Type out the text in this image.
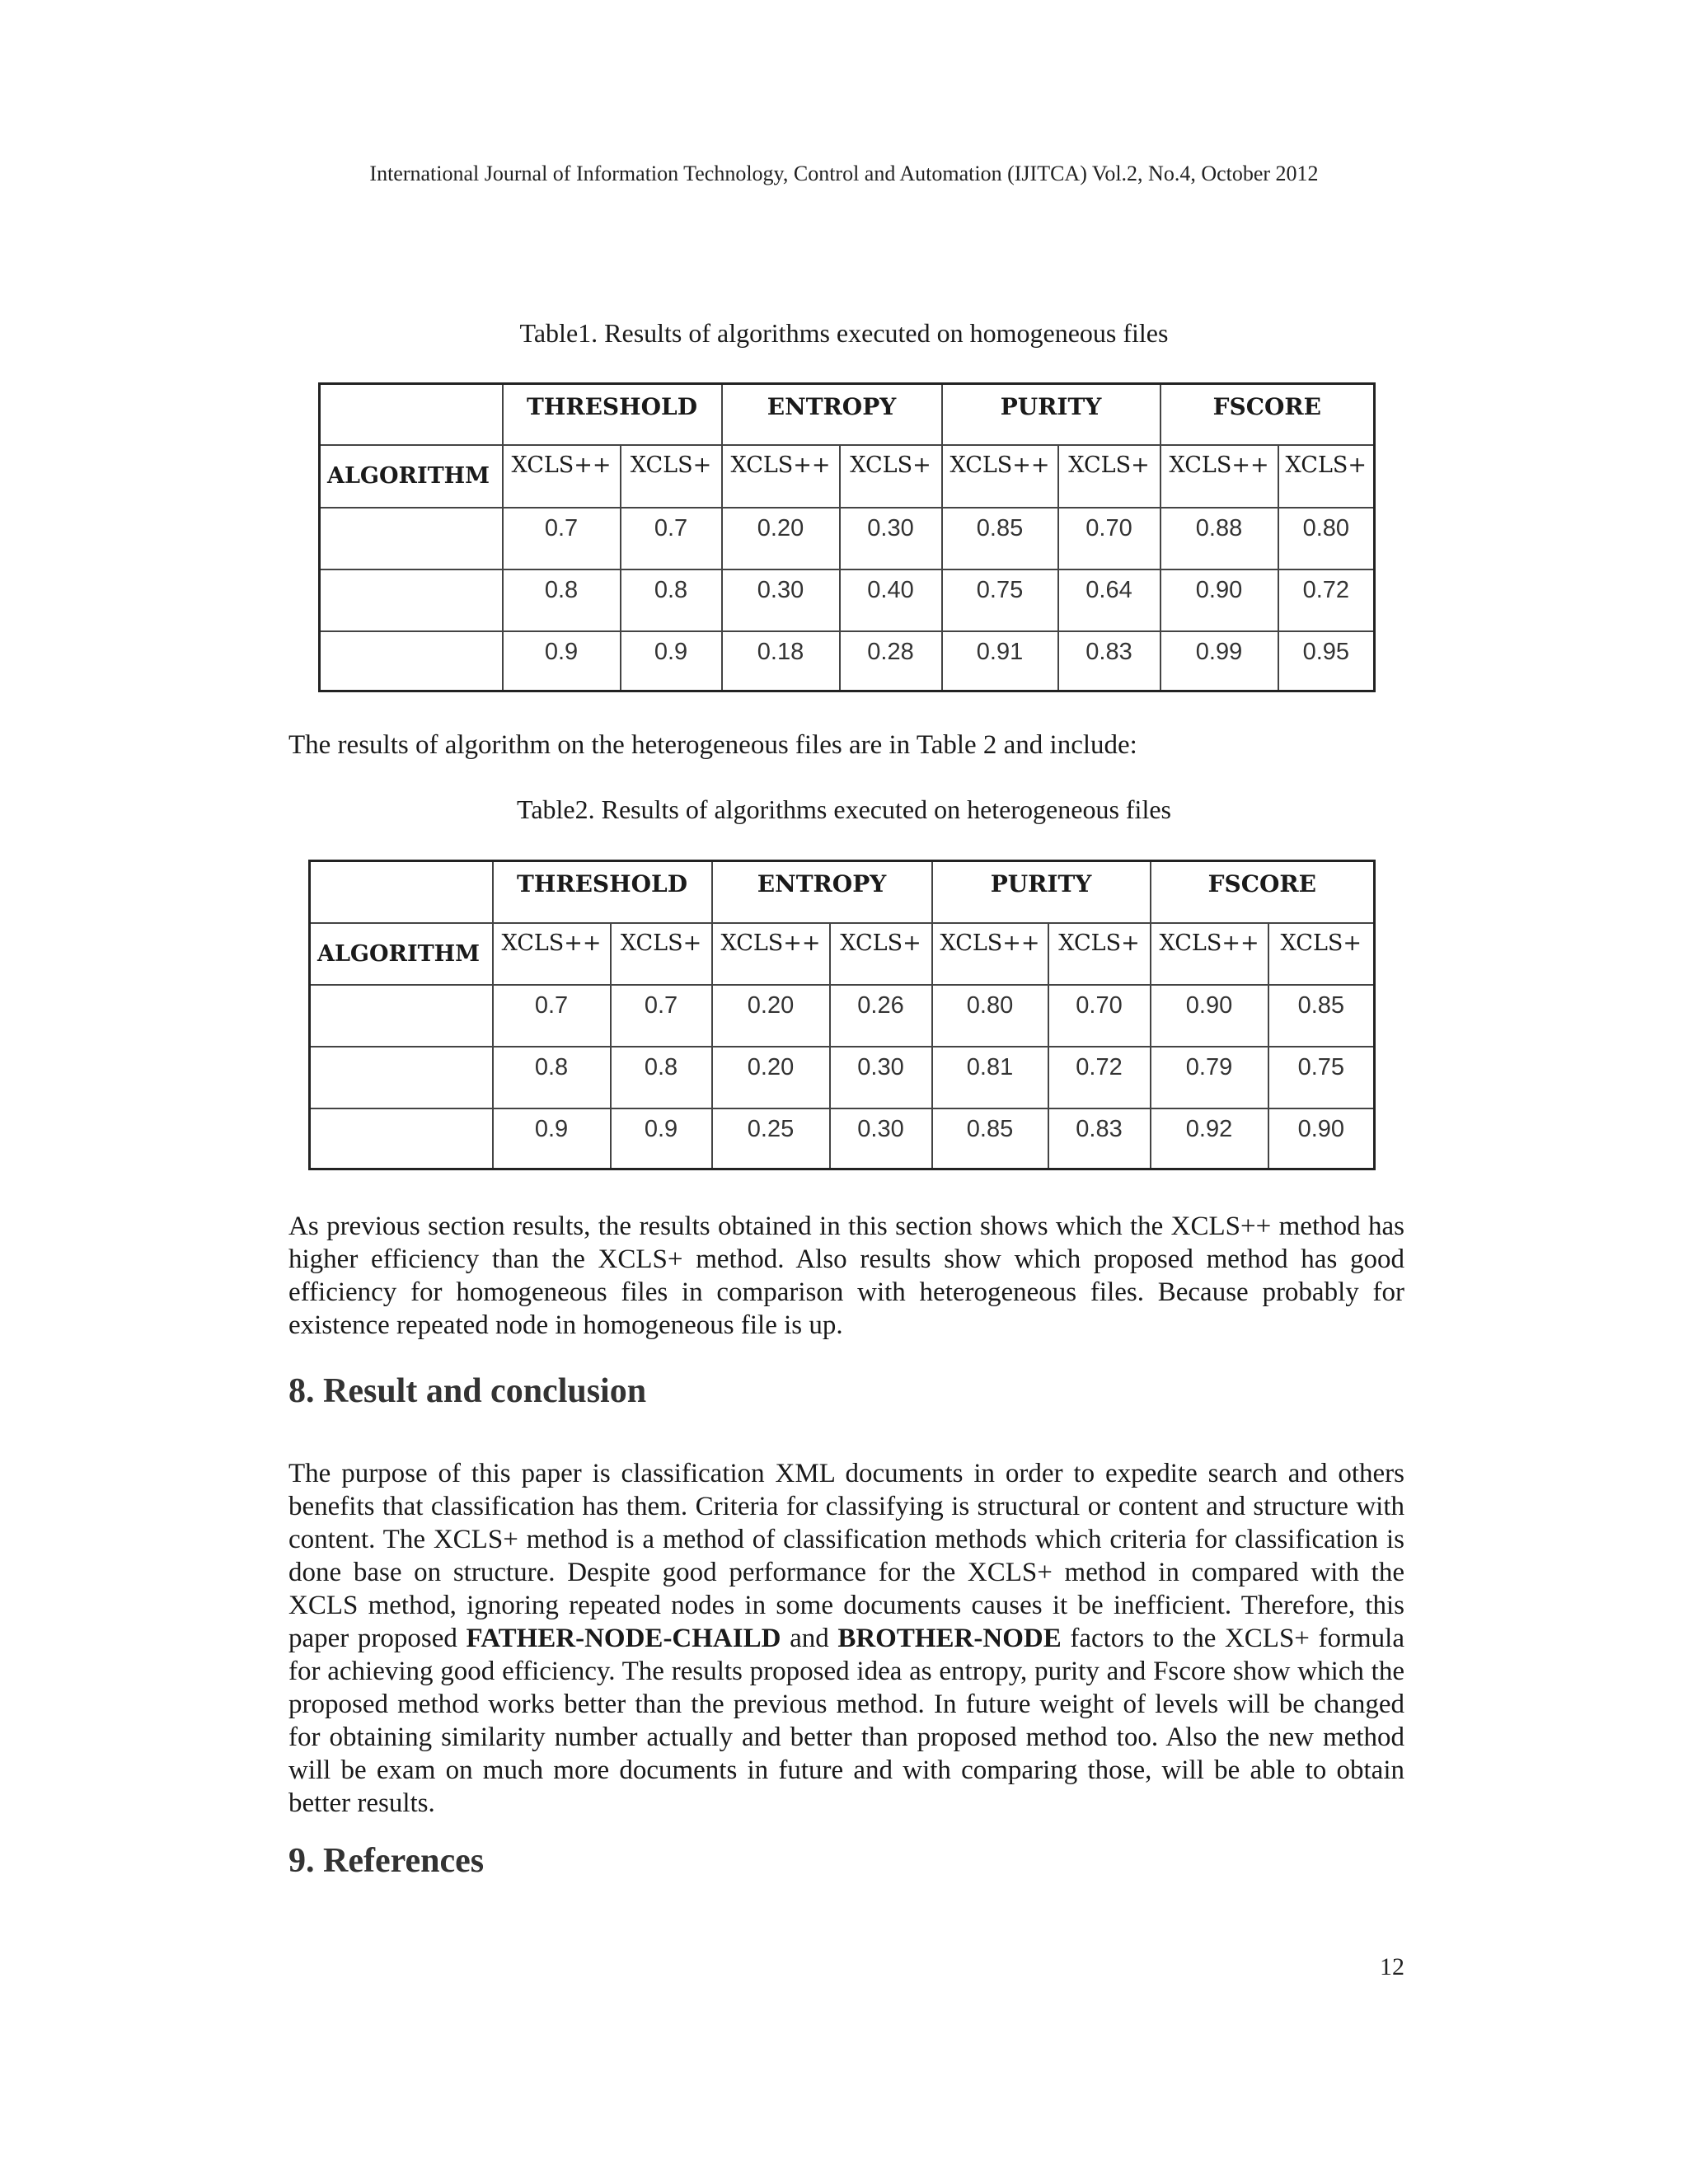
International Journal of Information Technology, Control and Automation (IJITCA) Vol.2, No.4, October 2012
Table1. Results of algorithms executed on homogeneous files
	THRESHOLD		ENTROPY		PURITY		FSCORE	
ALGORITHM	XCLS++	XCLS+	XCLS++	XCLS+	XCLS++	XCLS+	XCLS++	XCLS+
	0.7	0.7	0.20	0.30	0.85	0.70	0.88	0.80
	0.8	0.8	0.30	0.40	0.75	0.64	0.90	0.72
	0.9	0.9	0.18	0.28	0.91	0.83	0.99	0.95

The results of algorithm on the heterogeneous files are in Table 2 and include:

Table2. Results of algorithms executed on heterogeneous files
	THRESHOLD		ENTROPY		PURITY		FSCORE	
ALGORITHM	XCLS++	XCLS+	XCLS++	XCLS+	XCLS++	XCLS+	XCLS++	XCLS+
	0.7	0.7	0.20	0.26	0.80	0.70	0.90	0.85
	0.8	0.8	0.20	0.30	0.81	0.72	0.79	0.75
	0.9	0.9	0.25	0.30	0.85	0.83	0.92	0.90

As previous section results, the results obtained in this section shows which the XCLS++ method has higher efficiency than the XCLS+ method. Also results show which proposed method has good efficiency for homogeneous files in comparison with heterogeneous files. Because probably for existence repeated node in homogeneous file is up.

8. Result and conclusion

The purpose of this paper is classification XML documents in order to expedite search and others benefits that classification has them. Criteria for classifying is structural or content and structure with content. The XCLS+ method is a method of classification methods which criteria for classification is done base on structure. Despite good performance for the XCLS+ method in compared with the XCLS method, ignoring repeated nodes in some documents causes it be inefficient. Therefore, this paper proposed FATHER-NODE-CHAILD and BROTHER-NODE factors to the XCLS+ formula for achieving good efficiency. The results proposed idea as entropy, purity and Fscore show which the proposed method works better than the previous method. In future weight of levels will be changed for obtaining similarity number actually and better than proposed method too. Also the new method will be exam on much more documents in future and with comparing those, will be able to obtain better results.

9. References
12
